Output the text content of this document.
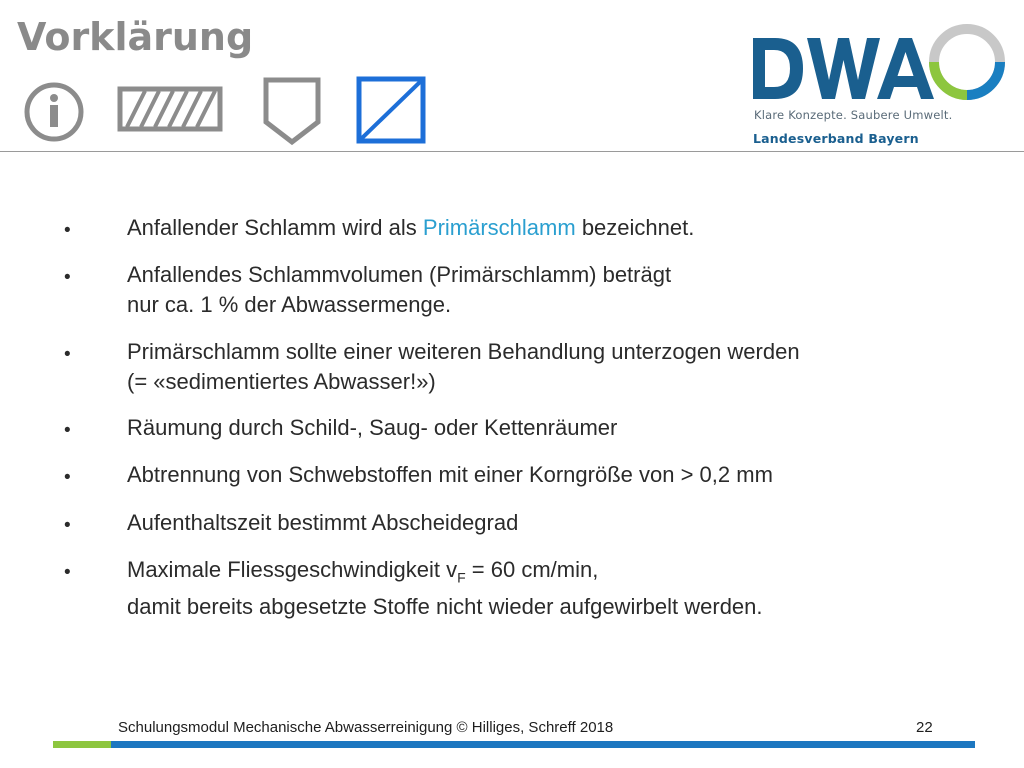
Vorklärung
Klare Konzepte. Saubere Umwelt.
Landesverband Bayern
•	Anfallender Schlamm wird als Primärschlamm bezeichnet.
•	Anfallendes Schlammvolumen (Primärschlamm) beträgt
nur ca. 1 % der Abwassermenge.
•	Primärschlamm sollte einer weiteren Behandlung unterzogen werden
(= «sedimentiertes Abwasser!»)
•	Räumung durch Schild-, Saug- oder Kettenräumer
•	Abtrennung von Schwebstoffen mit einer Korngröße von > 0,2 mm
•	Aufenthaltszeit bestimmt Abscheidegrad
•	Maximale Fliessgeschwindigkeit $v_F = 60$ cm/min,
damit bereits abgesetzte Stoffe nicht wieder aufgewirbelt werden.
Schulungsmodul Mechanische Abwasserreinigung © Hilliges, Schreff 2018	22
